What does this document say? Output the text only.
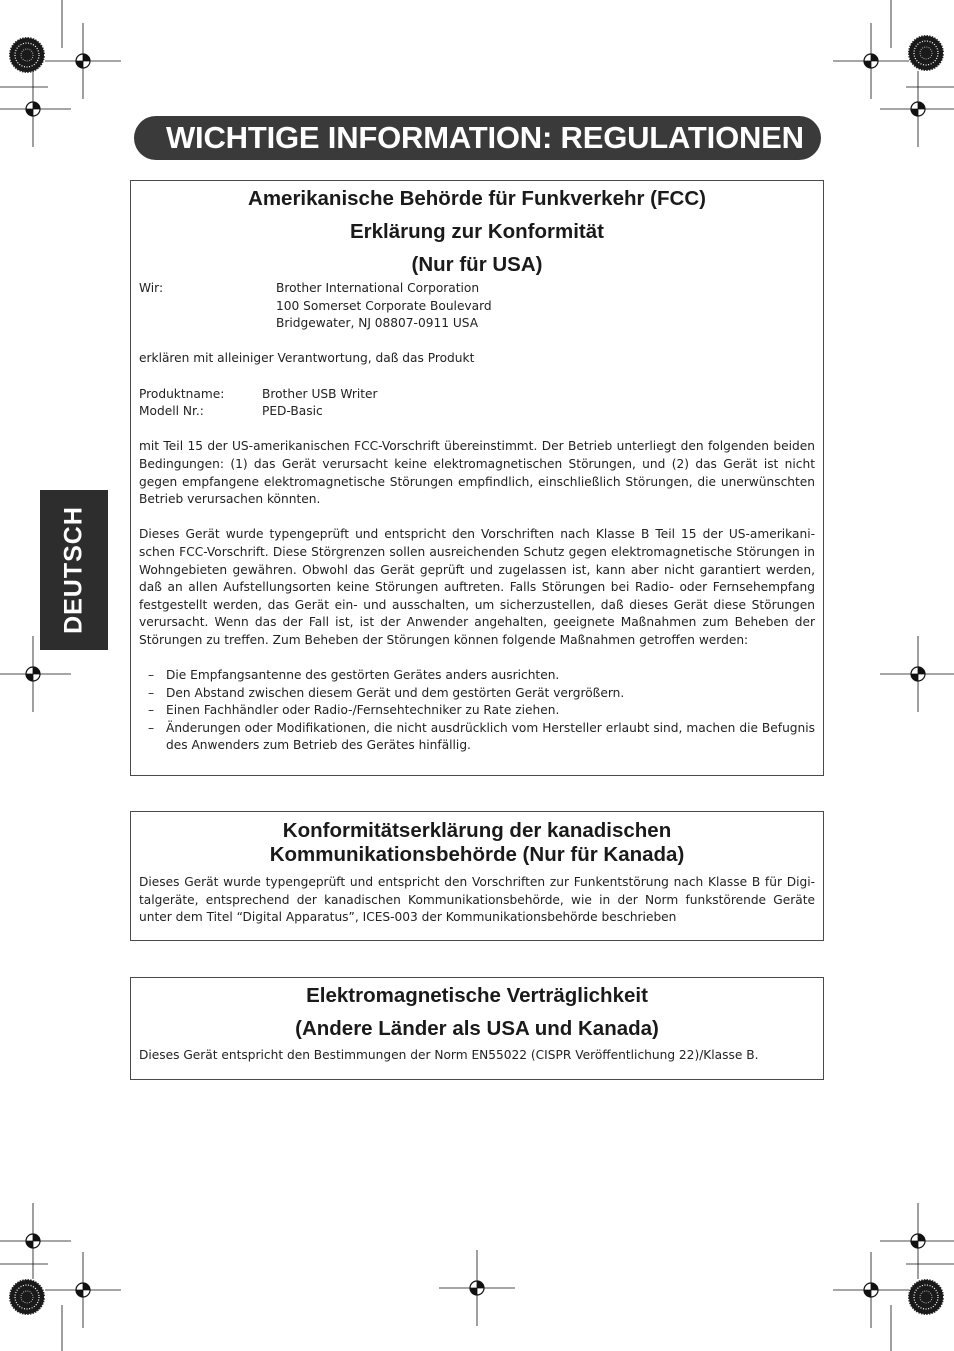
WICHTIGE INFORMATION: REGULATIONEN
DEUTSCH
Amerikanische Behörde für Funkverkehr (FCC)
Erklärung zur Konformität
(Nur für USA)
Wir:	Brother International Corporation
100 Somerset Corporate Boulevard
Bridgewater, NJ 08807-0911 USA

erklären mit alleiniger Verantwortung, daß das Produkt

Produktname:	Brother USB Writer
Modell Nr.:	PED-Basic

mit Teil 15 der US-amerikanischen FCC-Vorschrift übereinstimmt. Der Betrieb unterliegt den folgenden beiden Bedingungen: (1) das Gerät verursacht keine elektromagnetischen Störungen, und (2) das Gerät ist nicht gegen empfangene elektromagnetische Störungen empfindlich, einschließlich Störungen, die unerwünschten Betrieb verursachen könnten.

Dieses Gerät wurde typengeprüft und entspricht den Vorschriften nach Klasse B Teil 15 der US-amerikanischen FCC-Vorschrift. Diese Störgrenzen sollen ausreichenden Schutz gegen elektromagnetische Störungen in Wohngebieten gewähren. Obwohl das Gerät geprüft und zugelassen ist, kann aber nicht garantiert werden, daß an allen Aufstellungsorten keine Störungen auftreten. Falls Störungen bei Radio- oder Fernsehempfang festgestellt werden, das Gerät ein- und ausschalten, um sicherzustellen, daß dieses Gerät diese Störungen verursacht. Wenn das der Fall ist, ist der Anwender angehalten, geeignete Maßnahmen zum Beheben der Störungen zu treffen. Zum Beheben der Störungen können folgende Maßnahmen getroffen werden:

– Die Empfangsantenne des gestörten Gerätes anders ausrichten.
– Den Abstand zwischen diesem Gerät und dem gestörten Gerät vergrößern.
– Einen Fachhändler oder Radio-/Fernsehtechniker zu Rate ziehen.
– Änderungen oder Modifikationen, die nicht ausdrücklich vom Hersteller erlaubt sind, machen die Befugnis des Anwenders zum Betrieb des Gerätes hinfällig.
Konformitätserklärung der kanadischen
Kommunikationsbehörde (Nur für Kanada)

Dieses Gerät wurde typengeprüft und entspricht den Vorschriften zur Funkentstörung nach Klasse B für Digitalgeräte, entsprechend der kanadischen Kommunikationsbehörde, wie in der Norm funkstörende Geräte unter dem Titel “Digital Apparatus”, ICES-003 der Kommunikationsbehörde beschrieben

Elektromagnetische Verträglichkeit
(Andere Länder als USA und Kanada)

Dieses Gerät entspricht den Bestimmungen der Norm EN55022 (CISPR Veröffentlichung 22)/Klasse B.
